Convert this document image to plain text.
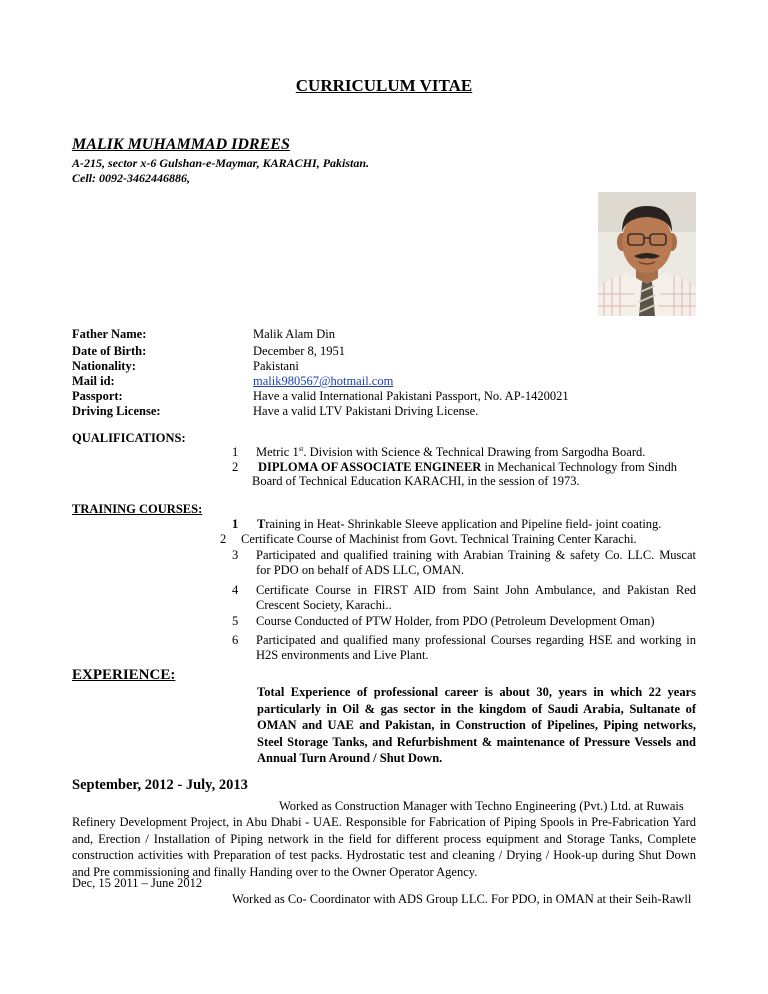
CURRICULUM VITAE
MALIK MUHAMMAD IDREES
A-215, sector x-6 Gulshan-e-Maymar, KARACHI, Pakistan.
Cell: 0092-3462446886,
Father Name:	Malik Alam Din
Date of Birth:	December 8, 1951
Nationality:	Pakistani
Mail id:	malik980567@hotmail.com
Passport:	Have a valid International Pakistani Passport, No. AP-1420021
Driving License:	Have a valid LTV Pakistani Driving License.
QUALIFICATIONS:
1 Metric 1st. Division with Science & Technical Drawing from Sargodha Board.
2 DIPLOMA OF ASSOCIATE ENGINEER in Mechanical Technology from Sindh
Board of Technical Education KARACHI, in the session of 1973.
TRAINING COURSES:
1 Training in Heat- Shrinkable Sleeve application and Pipeline field- joint coating.
2 Certificate Course of Machinist from Govt. Technical Training Center Karachi.
3 Participated and qualified training with Arabian Training & safety Co. LLC. Muscat
for PDO on behalf of ADS LLC, OMAN.
4 Certificate Course in FIRST AID from Saint John Ambulance, and Pakistan Red
Crescent Society, Karachi..
5 Course Conducted of PTW Holder, from PDO (Petroleum Development Oman)
6 Participated and qualified many professional Courses regarding HSE and working in
H2S environments and Live Plant.
EXPERIENCE:
Total Experience of professional career is about 30, years in which 22 years particularly in Oil & gas sector in the kingdom of Saudi Arabia, Sultanate of OMAN and UAE and Pakistan, in Construction of Pipelines, Piping networks, Steel Storage Tanks, and Refurbishment & maintenance of Pressure Vessels and Annual Turn Around / Shut Down.
September, 2012 - July, 2013
Worked as Construction Manager with Techno Engineering (Pvt.) Ltd. at Ruwais
Refinery Development Project, in Abu Dhabi - UAE. Responsible for Fabrication of Piping Spools in Pre-Fabrication Yard and, Erection / Installation of Piping network in the field for different process equipment and Storage Tanks, Complete construction activities with Preparation of test packs. Hydrostatic test and cleaning / Drying / Hook-up during Shut Down and Pre commissioning and finally Handing over to the Owner Operator Agency.
Dec, 15 2011 – June 2012
Worked as Co- Coordinator with ADS Group LLC. For PDO, in OMAN at their Seih-Rawll
